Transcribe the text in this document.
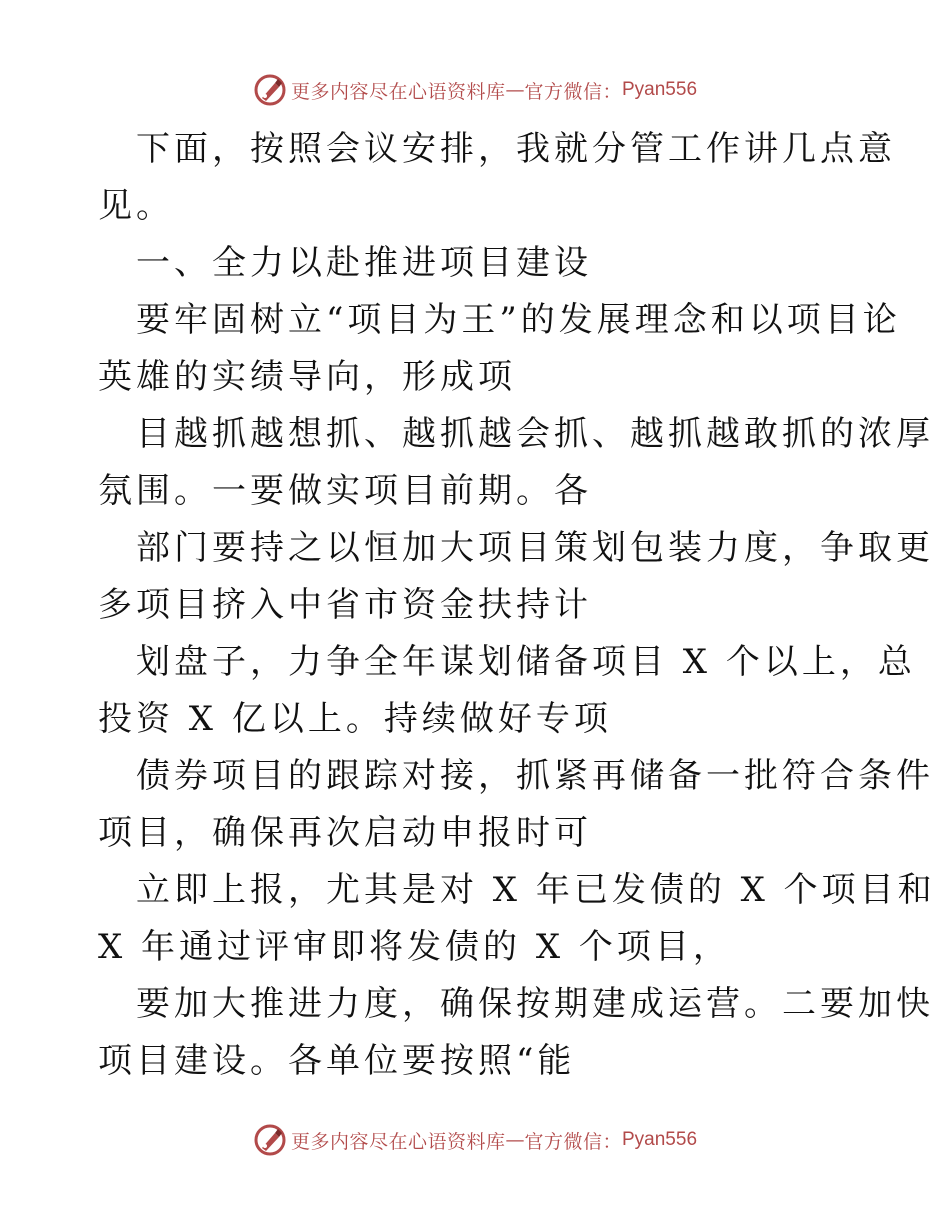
更多内容尽在心语资料库 — 官方微信： Pyan556
下面，按照会议安排，我就分管工作讲几点意
见。
一、全力以赴推进项目建设
要牢固树立“项目为王”的发展理念和以项目论
英雄的实绩导向，形成项
目越抓越想抓、越抓越会抓、越抓越敢抓的浓厚
氛围。一要做实项目前期。各
部门要持之以恒加大项目策划包装力度，争取更
多项目挤入中省市资金扶持计
划盘子，力争全年谋划储备项目 X 个以上，总
投资 X 亿以上。持续做好专项
债券项目的跟踪对接，抓紧再储备一批符合条件
项目，确保再次启动申报时可
立即上报，尤其是对 X 年已发债的 X 个项目和
X 年通过评审即将发债的 X 个项目，
要加大推进力度，确保按期建成运营。二要加快
项目建设。各单位要按照“能
更多内容尽在心语资料库 — 官方微信： Pyan556
